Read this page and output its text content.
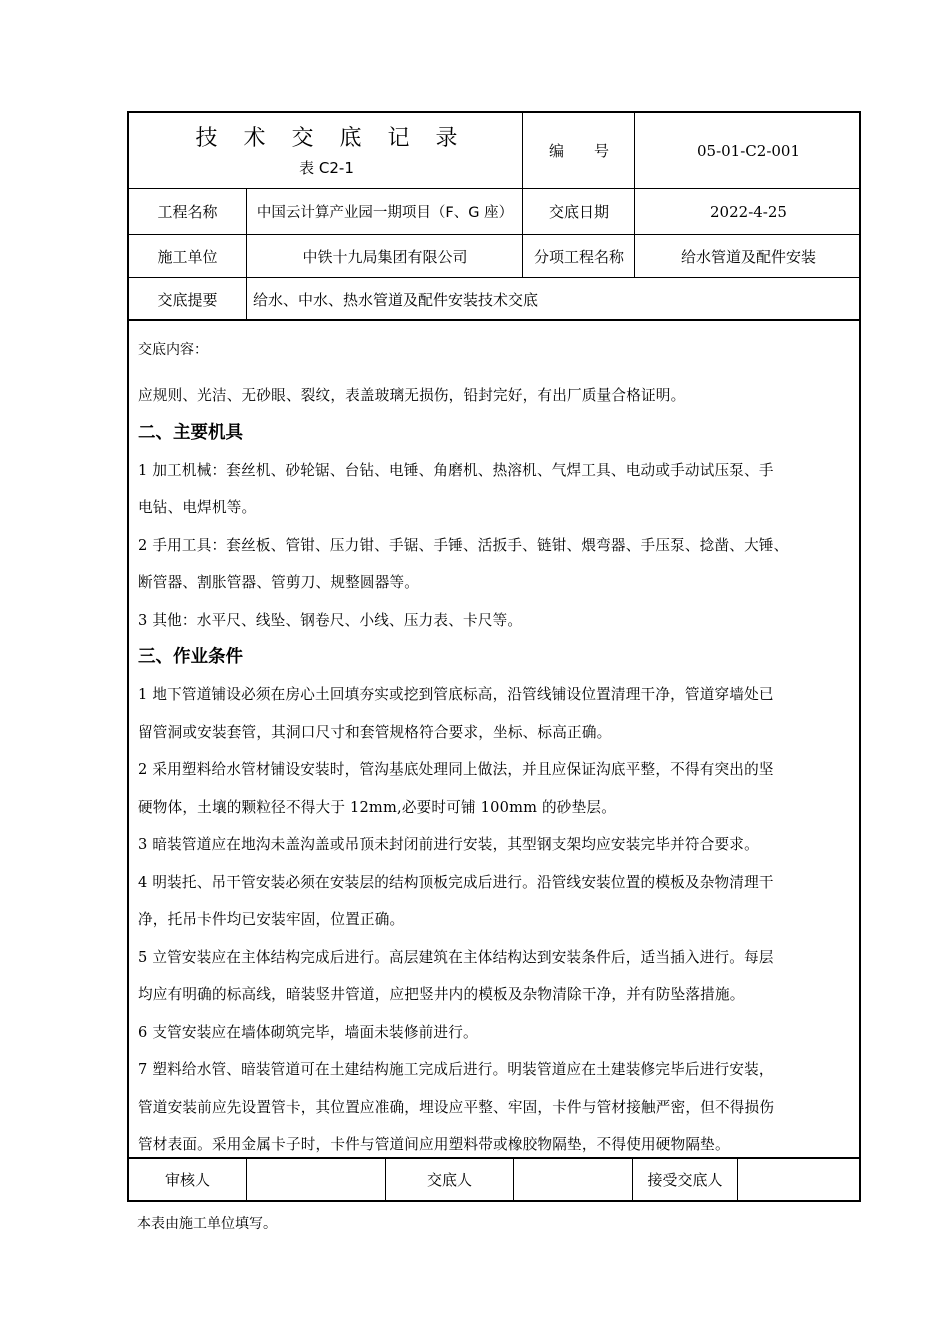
技术交底记录
表 C2-1
编　　号	05-01-C2-001
工程名称	中国云计算产业园一期项目（F、G 座）	交底日期	2022-4-25
施工单位	中铁十九局集团有限公司	分项工程名称	给水管道及配件安装
交底提要	给水、中水、热水管道及配件安装技术交底
交底内容：
应规则、光洁、无砂眼、裂纹，表盖玻璃无损伤，铅封完好，有出厂质量合格证明。
二、主要机具
1 加工机械：套丝机、砂轮锯、台钻、电锤、角磨机、热溶机、气焊工具、电动或手动试压泵、手
电钻、电焊机等。
2 手用工具：套丝板、管钳、压力钳、手锯、手锤、活扳手、链钳、煨弯器、手压泵、捻凿、大锤、
断管器、割胀管器、管剪刀、规整圆器等。
3 其他：水平尺、线坠、钢卷尺、小线、压力表、卡尺等。
三、作业条件
1 地下管道铺设必须在房心土回填夯实或挖到管底标高，沿管线铺设位置清理干净，管道穿墙处已
留管洞或安装套管，其洞口尺寸和套管规格符合要求，坐标、标高正确。
2 采用塑料给水管材铺设安装时，管沟基底处理同上做法，并且应保证沟底平整，不得有突出的坚
硬物体，土壤的颗粒径不得大于 12mm,必要时可铺 100mm 的砂垫层。
3 暗装管道应在地沟未盖沟盖或吊顶未封闭前进行安装，其型钢支架均应安装完毕并符合要求。
4 明装托、吊干管安装必须在安装层的结构顶板完成后进行。沿管线安装位置的模板及杂物清理干
净，托吊卡件均已安装牢固，位置正确。
5 立管安装应在主体结构完成后进行。高层建筑在主体结构达到安装条件后，适当插入进行。每层
均应有明确的标高线，暗装竖井管道，应把竖井内的模板及杂物清除干净，并有防坠落措施。
6 支管安装应在墙体砌筑完毕，墙面未装修前进行。
7 塑料给水管、暗装管道可在土建结构施工完成后进行。明装管道应在土建装修完毕后进行安装，
管道安装前应先设置管卡，其位置应准确，埋设应平整、牢固，卡件与管材接触严密，但不得损伤
管材表面。采用金属卡子时，卡件与管道间应用塑料带或橡胶物隔垫，不得使用硬物隔垫。
审核人	交底人	接受交底人
本表由施工单位填写。
